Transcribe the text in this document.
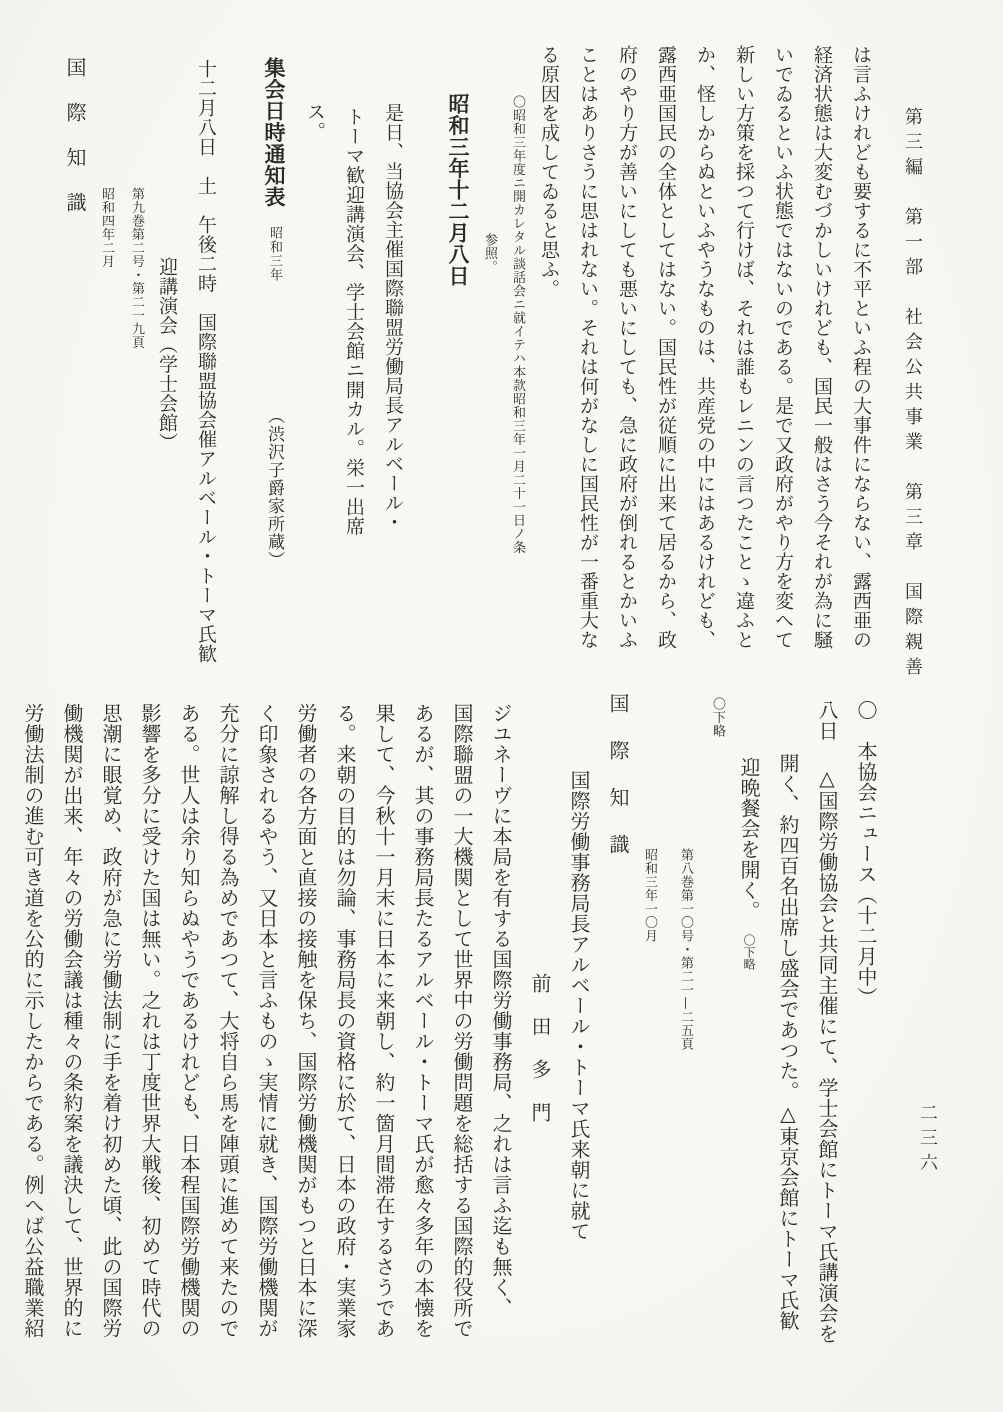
第三編　第一部　社会公共事業　第三章　国際親善
は言ふけれども要するに不平といふ程の大事件にならない、露西亜の
経済状態は大変むづかしいけれども、国民一般はさう今それが為に騒
いでゐるといふ状態ではないのである。是で又政府がやり方を変へて
新しい方策を採つて行けば、それは誰もレニンの言つたことゝ違ふと
か、怪しからぬといふやうなものは、共産党の中にはあるけれども、
露西亜国民の全体としてはない。国民性が従順に出来て居るから、政
府のやり方が善いにしても悪いにしても、急に政府が倒れるとかいふ
ことはありさうに思はれない。それは何がなしに国民性が一番重大な
る原因を成してゐると思ふ。
〇昭和三年度ニ開カレタル談話会ニ就イテハ本款昭和三年一月二十一日ノ条
参照。
昭和三年十二月八日
是日、当協会主催国際聯盟労働局長アルベール・
トーマ歓迎講演会、学士会館ニ開カル。栄一出席
ス。
集会日時通知表 昭和三年 （渋沢子爵家所蔵）
十二月八日　土　午後二時　国際聯盟協会催アルベール・トーマ氏歓
迎講演会（学士会館）
第九巻第二号・第二一九頁
昭和四年二月
国際知識
〇　本協会ニュース（十二月中）
八日 △国際労働協会と共同主催にて、学士会館にトーマ氏講演会を
開く、約四百名出席し盛会であつた。△東京会館にトーマ氏歓
迎晩餐会を開く。 〇下略
〇下略
第八巻第一〇号・第二一—二五頁
昭和三年一〇月
国際知識
国際労働事務局長アルベール・トーマ氏来朝に就て
前田多門
ジユネーヴに本局を有する国際労働事務局、之れは言ふ迄も無く、
国際聯盟の一大機関として世界中の労働問題を総括する国際的役所で
あるが、其の事務局長たるアルベール・トーマ氏が愈々多年の本懐を
果して、今秋十一月末に日本に来朝し、約一箇月間滞在するさうであ
る。来朝の目的は勿論、事務局長の資格に於て、日本の政府・実業家
労働者の各方面と直接の接触を保ち、国際労働機関がもつと日本に深
く印象されるやう、又日本と言ふものゝ実情に就き、国際労働機関が
充分に諒解し得る為めであつて、大将自ら馬を陣頭に進めて来たので
ある。世人は余り知らぬやうであるけれども、日本程国際労働機関の
影響を多分に受けた国は無い。之れは丁度世界大戦後、初めて時代の
思潮に眼覚め、政府が急に労働法制に手を着け初めた頃、此の国際労
働機関が出来、年々の労働会議は種々の条約案を議決して、世界的に
労働法制の進む可き道を公的に示したからである。例へば公益職業紹	二三六
